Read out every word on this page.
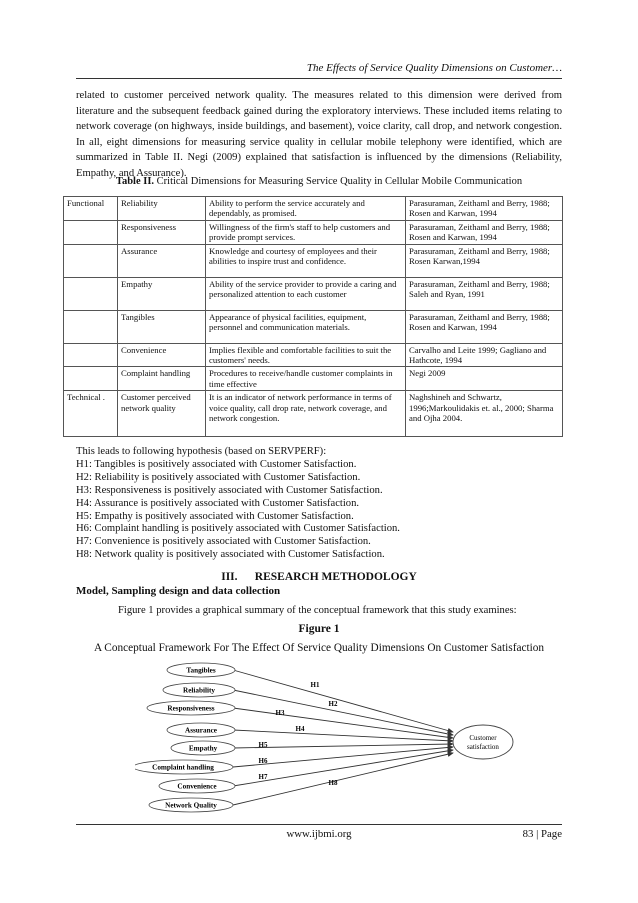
The Effects of Service Quality Dimensions on Customer…

related to customer perceived network quality. The measures related to this dimension were derived from literature and the subsequent feedback gained during the exploratory interviews. These included items relating to network coverage (on highways, inside buildings, and basement), voice clarity, call drop, and network congestion. In all, eight dimensions for measuring service quality in cellular mobile telephony were identified, which are summarized in Table II. Negi (2009) explained that satisfaction is influenced by the dimensions (Reliability, Empathy, and Assurance).

Table II. Critical Dimensions for Measuring Service Quality in Cellular Mobile Communication
Functional	Reliability	Ability to perform the service accurately and dependably, as promised.	Parasuraman, Zeithaml and Berry, 1988; Rosen and Karwan, 1994
	Responsiveness	Willingness of the firm's staff to help customers and provide prompt services.	Parasuraman, Zeithaml and Berry, 1988; Rosen and Karwan, 1994
	Assurance	Knowledge and courtesy of employees and their abilities to inspire trust and confidence.	Parasuraman, Zeithaml and Berry, 1988; Rosen Karwan,1994
	Empathy	Ability of the service provider to provide a caring and personalized attention to each customer	Parasuraman, Zeithaml and Berry, 1988; Saleh and Ryan, 1991
	Tangibles	Appearance of physical facilities, equipment, personnel and communication materials.	Parasuraman, Zeithaml and Berry, 1988; Rosen and Karwan, 1994
	Convenience	Implies flexible and comfortable facilities to suit the customers' needs.	Carvalho and Leite 1999; Gagliano and Hathcote, 1994
	Complaint handling	Procedures to receive/handle customer complaints in time effective	Negi 2009
Technical .	Customer perceived network quality	It is an indicator of network performance in terms of voice quality, call drop rate, network coverage, and network congestion.	Naghshineh and Schwartz, 1996;Markoulidakis et. al., 2000; Sharma and Ojha 2004.
This leads to following hypothesis (based on SERVPERF):
H1: Tangibles is positively associated with Customer Satisfaction.
H2: Reliability is positively associated with Customer Satisfaction.
H3: Responsiveness is positively associated with Customer Satisfaction.
H4: Assurance is positively associated with Customer Satisfaction.
H5: Empathy is positively associated with Customer Satisfaction.
H6: Complaint handling is positively associated with Customer Satisfaction.
H7: Convenience is positively associated with Customer Satisfaction.
H8: Network quality is positively associated with Customer Satisfaction.
III.      RESEARCH METHODOLOGY
Model, Sampling design and data collection
Figure 1 provides a graphical summary of the conceptual framework that this study examines:
Figure 1
A Conceptual Framework For The Effect Of Service Quality Dimensions On Customer Satisfaction
Tangibles
Reliability
Responsiveness
Assurance
Empathy
Complaint handling
Convenience
Network Quality
Customer
satisfaction
H1
H2
H3
H4
H5
H6
H7
H8
www.ijbmi.org	83 | Page
